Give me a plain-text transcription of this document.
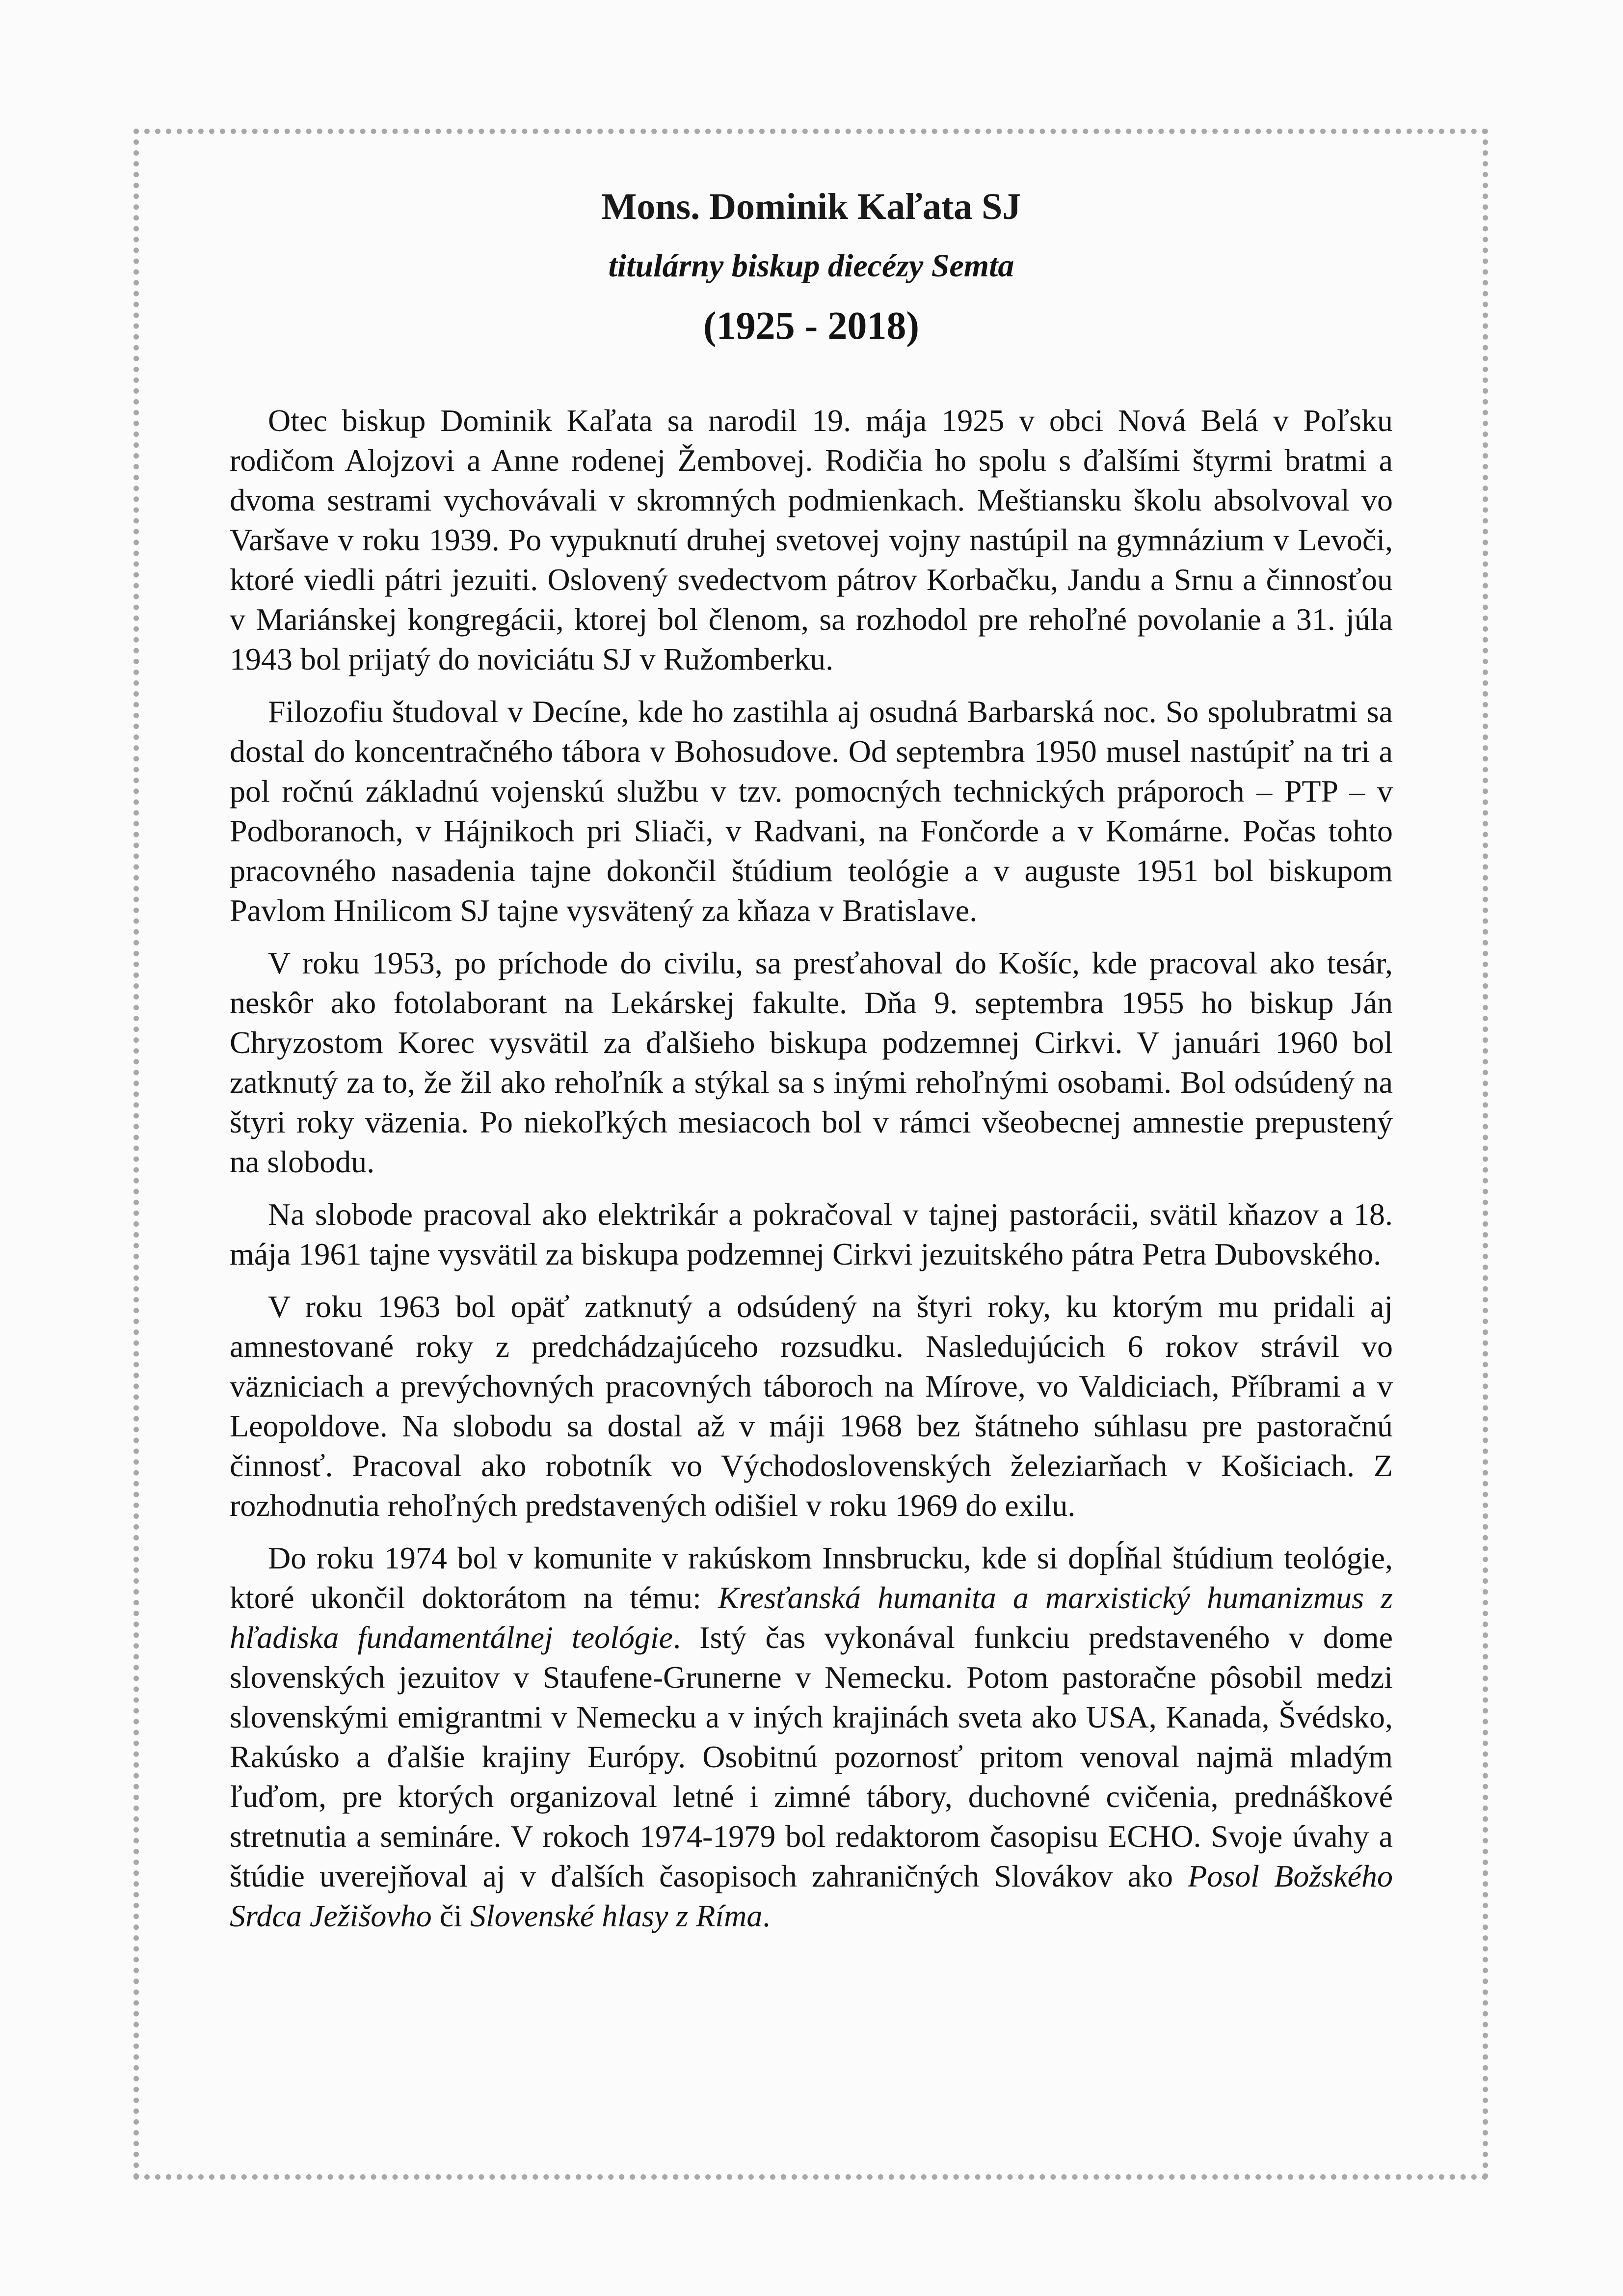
Mons. Dominik Kaľata SJ
titulárny biskup diecézy Semta
(1925 - 2018)

Otec biskup Dominik Kaľata sa narodil 19. mája 1925 v obci Nová Belá v Poľsku rodičom Alojzovi a Anne rodenej Žembovej. Rodičia ho spolu s ďalšími štyrmi bratmi a dvoma sestrami vychovávali v skromných podmienkach. Meštiansku školu absolvoval vo Varšave v roku 1939. Po vypuknutí druhej svetovej vojny nastúpil na gymnázium v Levoči, ktoré viedli pátri jezuiti. Oslovený svedectvom pátrov Korbačku, Jandu a Srnu a činnosťou v Mariánskej kongregácii, ktorej bol členom, sa rozhodol pre rehoľné povolanie a 31. júla 1943 bol prijatý do noviciátu SJ v Ružomberku.

Filozofiu študoval v Decíne, kde ho zastihla aj osudná Barbarská noc. So spolubratmi sa dostal do koncentračného tábora v Bohosudove. Od septembra 1950 musel nastúpiť na tri a pol ročnú základnú vojenskú službu v tzv. pomocných technických práporoch – PTP – v Podboranoch, v Hájnikoch pri Sliači, v Radvani, na Fončorde a v Komárne. Počas tohto pracovného nasadenia tajne dokončil štúdium teológie a v auguste 1951 bol biskupom Pavlom Hnilicom SJ tajne vysvätený za kňaza v Bratislave.

V roku 1953, po príchode do civilu, sa presťahoval do Košíc, kde pracoval ako tesár, neskôr ako fotolaborant na Lekárskej fakulte. Dňa 9. septembra 1955 ho biskup Ján Chryzostom Korec vysvätil za ďalšieho biskupa podzemnej Cirkvi. V januári 1960 bol zatknutý za to, že žil ako rehoľník a stýkal sa s inými rehoľnými osobami. Bol odsúdený na štyri roky väzenia. Po niekoľkých mesiacoch bol v rámci všeobecnej amnestie prepustený na slobodu.

Na slobode pracoval ako elektrikár a pokračoval v tajnej pastorácii, svätil kňazov a 18. mája 1961 tajne vysvätil za biskupa podzemnej Cirkvi jezuitského pátra Petra Dubovského.

V roku 1963 bol opäť zatknutý a odsúdený na štyri roky, ku ktorým mu pridali aj amnestované roky z predchádzajúceho rozsudku. Nasledujúcich 6 rokov strávil vo väzniciach a prevýchovných pracovných táboroch na Mírove, vo Valdiciach, Příbrami a v Leopoldove. Na slobodu sa dostal až v máji 1968 bez štátneho súhlasu pre pastoračnú činnosť. Pracoval ako robotník vo Východoslovenských železiarňach v Košiciach. Z rozhodnutia rehoľných predstavených odišiel v roku 1969 do exilu.

Do roku 1974 bol v komunite v rakúskom Innsbrucku, kde si dopĺňal štúdium teológie, ktoré ukončil doktorátom na tému: Kresťanská humanita a marxistický humanizmus z hľadiska fundamentálnej teológie. Istý čas vykonával funkciu predstaveného v dome slovenských jezuitov v Staufene-Grunerne v Nemecku. Potom pastoračne pôsobil medzi slovenskými emigrantmi v Nemecku a v iných krajinách sveta ako USA, Kanada, Švédsko, Rakúsko a ďalšie krajiny Európy. Osobitnú pozornosť pritom venoval najmä mladým ľuďom, pre ktorých organizoval letné i zimné tábory, duchovné cvičenia, prednáškové stretnutia a semináre. V rokoch 1974-1979 bol redaktorom časopisu ECHO. Svoje úvahy a štúdie uverejňoval aj v ďalších časopisoch zahraničných Slovákov ako Posol Božského Srdca Ježišovho či Slovenské hlasy z Ríma.
